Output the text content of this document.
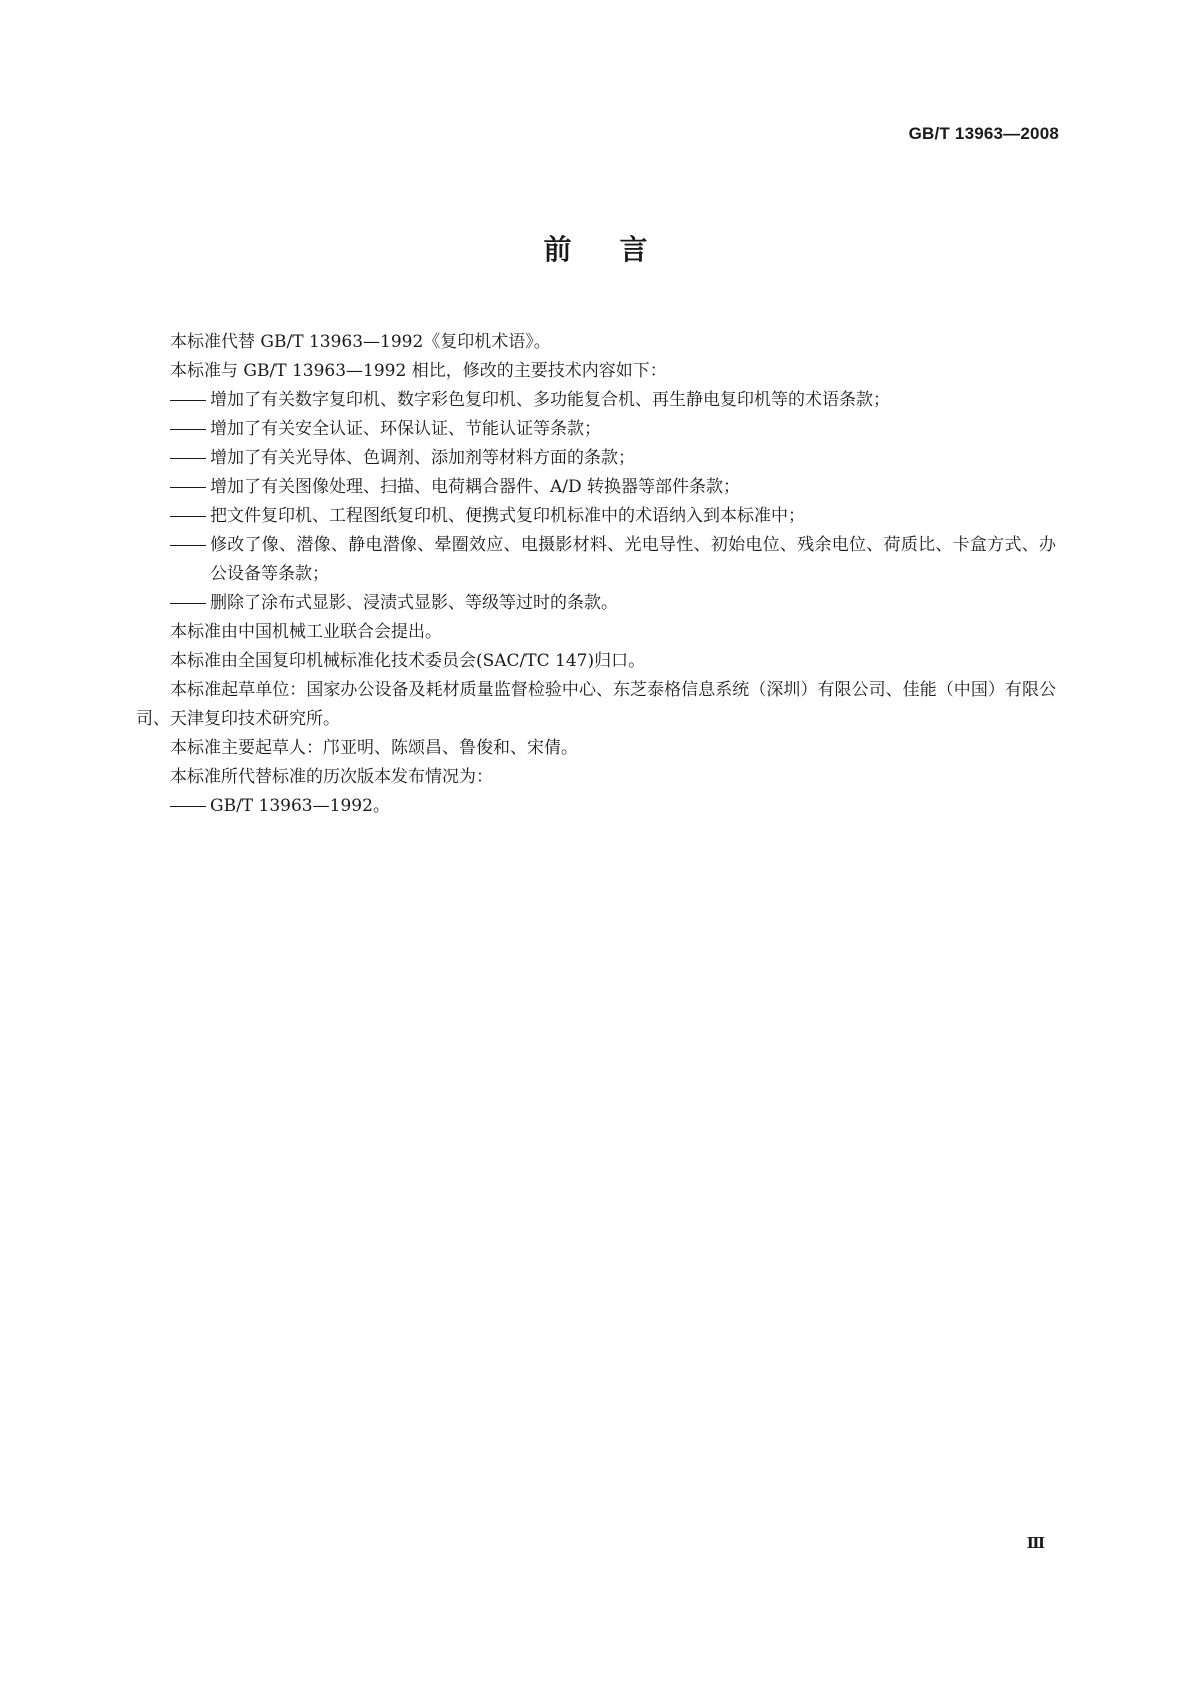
GB/T 13963—2008
前言

本标准代替 GB/T 13963—1992《复印机术语》。

本标准与 GB/T 13963—1992 相比，修改的主要技术内容如下：

增加了有关数字复印机、数字彩色复印机、多功能复合机、再生静电复印机等的术语条款；
增加了有关安全认证、环保认证、节能认证等条款；
增加了有关光导体、色调剂、添加剂等材料方面的条款；
增加了有关图像处理、扫描、电荷耦合器件、A/D 转换器等部件条款；
把文件复印机、工程图纸复印机、便携式复印机标准中的术语纳入到本标准中；
修改了像、潜像、静电潜像、晕圈效应、电摄影材料、光电导性、初始电位、残余电位、荷质比、卡盒方式、办公设备等条款；
删除了涂布式显影、浸渍式显影、等级等过时的条款。

本标准由中国机械工业联合会提出。

本标准由全国复印机械标准化技术委员会(SAC/TC 147)归口。

本标准起草单位：国家办公设备及耗材质量监督检验中心、东芝泰格信息系统（深圳）有限公司、佳能（中国）有限公司、天津复印技术研究所。

本标准主要起草人：邝亚明、陈颂昌、鲁俊和、宋倩。

本标准所代替标准的历次版本发布情况为：

GB/T 13963—1992。
Ⅲ
